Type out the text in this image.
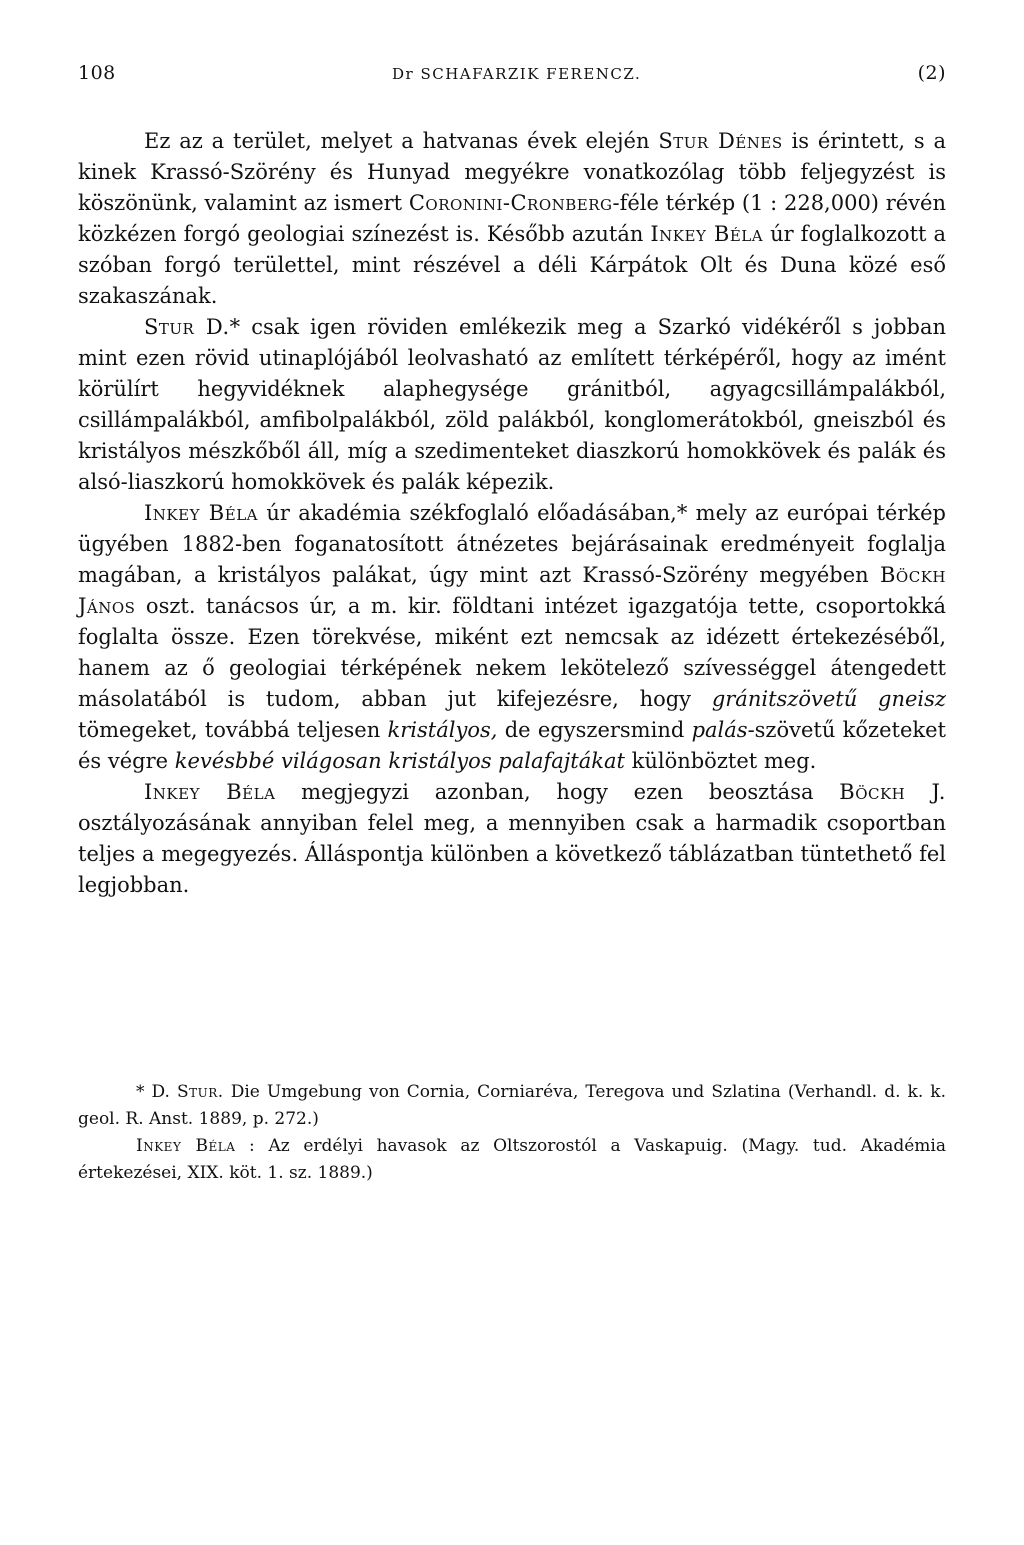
108	Dr SCHAFARZIK FERENCZ.	(2)

Ez az a terület, melyet a hatvanas évek elején Stur Dénes is érintett, s a kinek Krassó-Szörény és Hunyad megyékre vonatkozólag több feljegyzést is köszönünk, valamint az ismert Coronini-Cronberg-féle térkép (1 : 228,000) révén közkézen forgó geologiai színezést is. Később azután Inkey Béla úr foglalkozott a szóban forgó területtel, mint részével a déli Kárpátok Olt és Duna közé eső szakaszának.

Stur D.* csak igen röviden emlékezik meg a Szarkó vidékéről s jobban mint ezen rövid utinaplójából leolvasható az említett térképéről, hogy az imént körülírt hegyvidéknek alaphegysége gránitból, agyagcsillámpalákból, csillámpalákból, amfibolpalákból, zöld palákból, konglomerátokból, gneiszból és kristályos mészkőből áll, míg a szedimenteket diaszkorú homokkövek és palák és alsó-liaszkorú homokkövek és palák képezik.

Inkey Béla úr akadémia székfoglaló előadásában,* mely az európai térkép ügyében 1882-ben foganatosított átnézetes bejárásainak eredményeit foglalja magában, a kristályos palákat, úgy mint azt Krassó-Szörény megyében Böckh János oszt. tanácsos úr, a m. kir. földtani intézet igazgatója tette, csoportokká foglalta össze. Ezen törekvése, miként ezt nemcsak az idézett értekezéséből, hanem az ő geologiai térképének nekem lekötelező szívességgel átengedett másolatából is tudom, abban jut kifejezésre, hogy gránitszövetű gneisz tömegeket, továbbá teljesen kristályos, de egyszersmind palás-szövetű kőzeteket és végre kevésbbé világosan kristályos palafajtákat különböztet meg.

Inkey Béla megjegyzi azonban, hogy ezen beosztása Böckh J. osztályozásának annyiban felel meg, a mennyiben csak a harmadik csoportban teljes a megegyezés. Álláspontja különben a következő táblázatban tüntethető fel legjobban.

* D. Stur. Die Umgebung von Cornia, Corniaréva, Teregova und Szlatina (Verhandl. d. k. k. geol. R. Anst. 1889, p. 272.)

Inkey Béla : Az erdélyi havasok az Oltszorostól a Vaskapuig. (Magy. tud. Akadémia értekezései, XIX. köt. 1. sz. 1889.)
